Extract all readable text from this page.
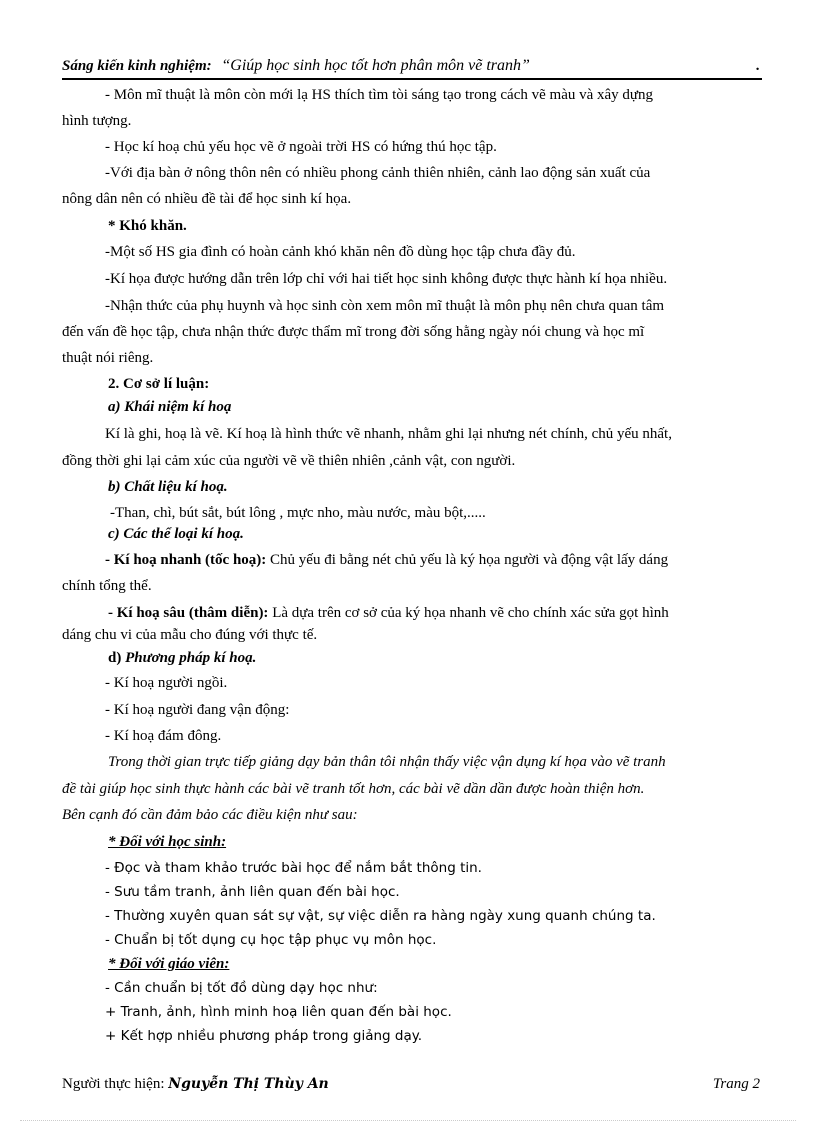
Sáng kiến kinh nghiệm: “Giúp học sinh học tốt hơn phân môn vẽ tranh”	.
- Môn mĩ thuật là môn còn mới lạ HS thích tìm tòi sáng tạo trong cách vẽ màu và xây dựng
hình tượng.
- Học kí hoạ chủ yếu học vẽ ở ngoài trời HS có hứng thú học tập.
-Với địa bàn ở nông thôn nên có nhiều phong cảnh thiên nhiên, cảnh lao động sản xuất của
nông dân nên có nhiều đề tài để học sinh kí họa.
* Khó khăn.
-Một số HS gia đình có hoàn cảnh khó khăn nên đồ dùng học tập chưa đầy đủ.
-Kí họa được hướng dẫn trên lớp chỉ với hai tiết học sinh không được thực hành kí họa nhiều.
-Nhận thức của phụ huynh và học sinh còn xem môn mĩ thuật là môn phụ nên chưa quan tâm
đến vấn đề học tập, chưa nhận thức được thẩm mĩ trong đời sống hằng ngày nói chung và học mĩ
thuật nói riêng.
2. Cơ sở lí luận:
a) Khái niệm kí hoạ
Kí là ghi, hoạ là vẽ. Kí hoạ là hình thức vẽ nhanh, nhằm ghi lại nhưng nét chính, chủ yếu nhất,
đồng thời ghi lại cảm xúc của người vẽ về thiên nhiên ,cảnh vật, con người.
b) Chất liệu kí hoạ.
-Than, chì, bút sắt, bút lông , mực nho, màu nước, màu bột,.....
c) Các thể loại kí hoạ.
- Kí hoạ nhanh (tốc hoạ): Chủ yếu đi bằng nét chủ yếu là ký họa người và động vật lấy dáng
chính tổng thể.
- Kí hoạ sâu (thâm diễn): Là dựa trên cơ sở của ký họa nhanh vẽ cho chính xác sửa gọt hình
dáng chu vi của mẫu cho đúng với thực tế.
d) Phương pháp kí hoạ.
- Kí hoạ người ngồi.
- Kí hoạ người đang vận động:
- Kí hoạ đám đông.
Trong thời gian trực tiếp giảng dạy bản thân tôi nhận thấy việc vận dụng kí họa vào vẽ tranh
đề tài giúp học sinh thực hành các bài vẽ tranh tốt hơn, các bài vẽ dần dần được hoàn thiện hơn.
Bên cạnh đó cần đảm bảo các điều kiện như sau:
* Đối với học sinh:
- Đọc và tham khảo trước bài học để nắm bắt thông tin.
- Sưu tầm tranh, ảnh liên quan đến bài học.
- Thường xuyên quan sát sự vật, sự việc diễn ra hàng ngày xung quanh chúng ta.
- Chuẩn bị tốt dụng cụ học tập phục vụ môn học.
* Đối với giáo viên:
- Cần chuẩn bị tốt đồ dùng dạy học như:
+ Tranh, ảnh, hình minh hoạ liên quan đến bài học.
+ Kết hợp nhiều phương pháp trong giảng dạy.
Người thực hiện: Nguyễn Thị Thùy An	Trang 2
